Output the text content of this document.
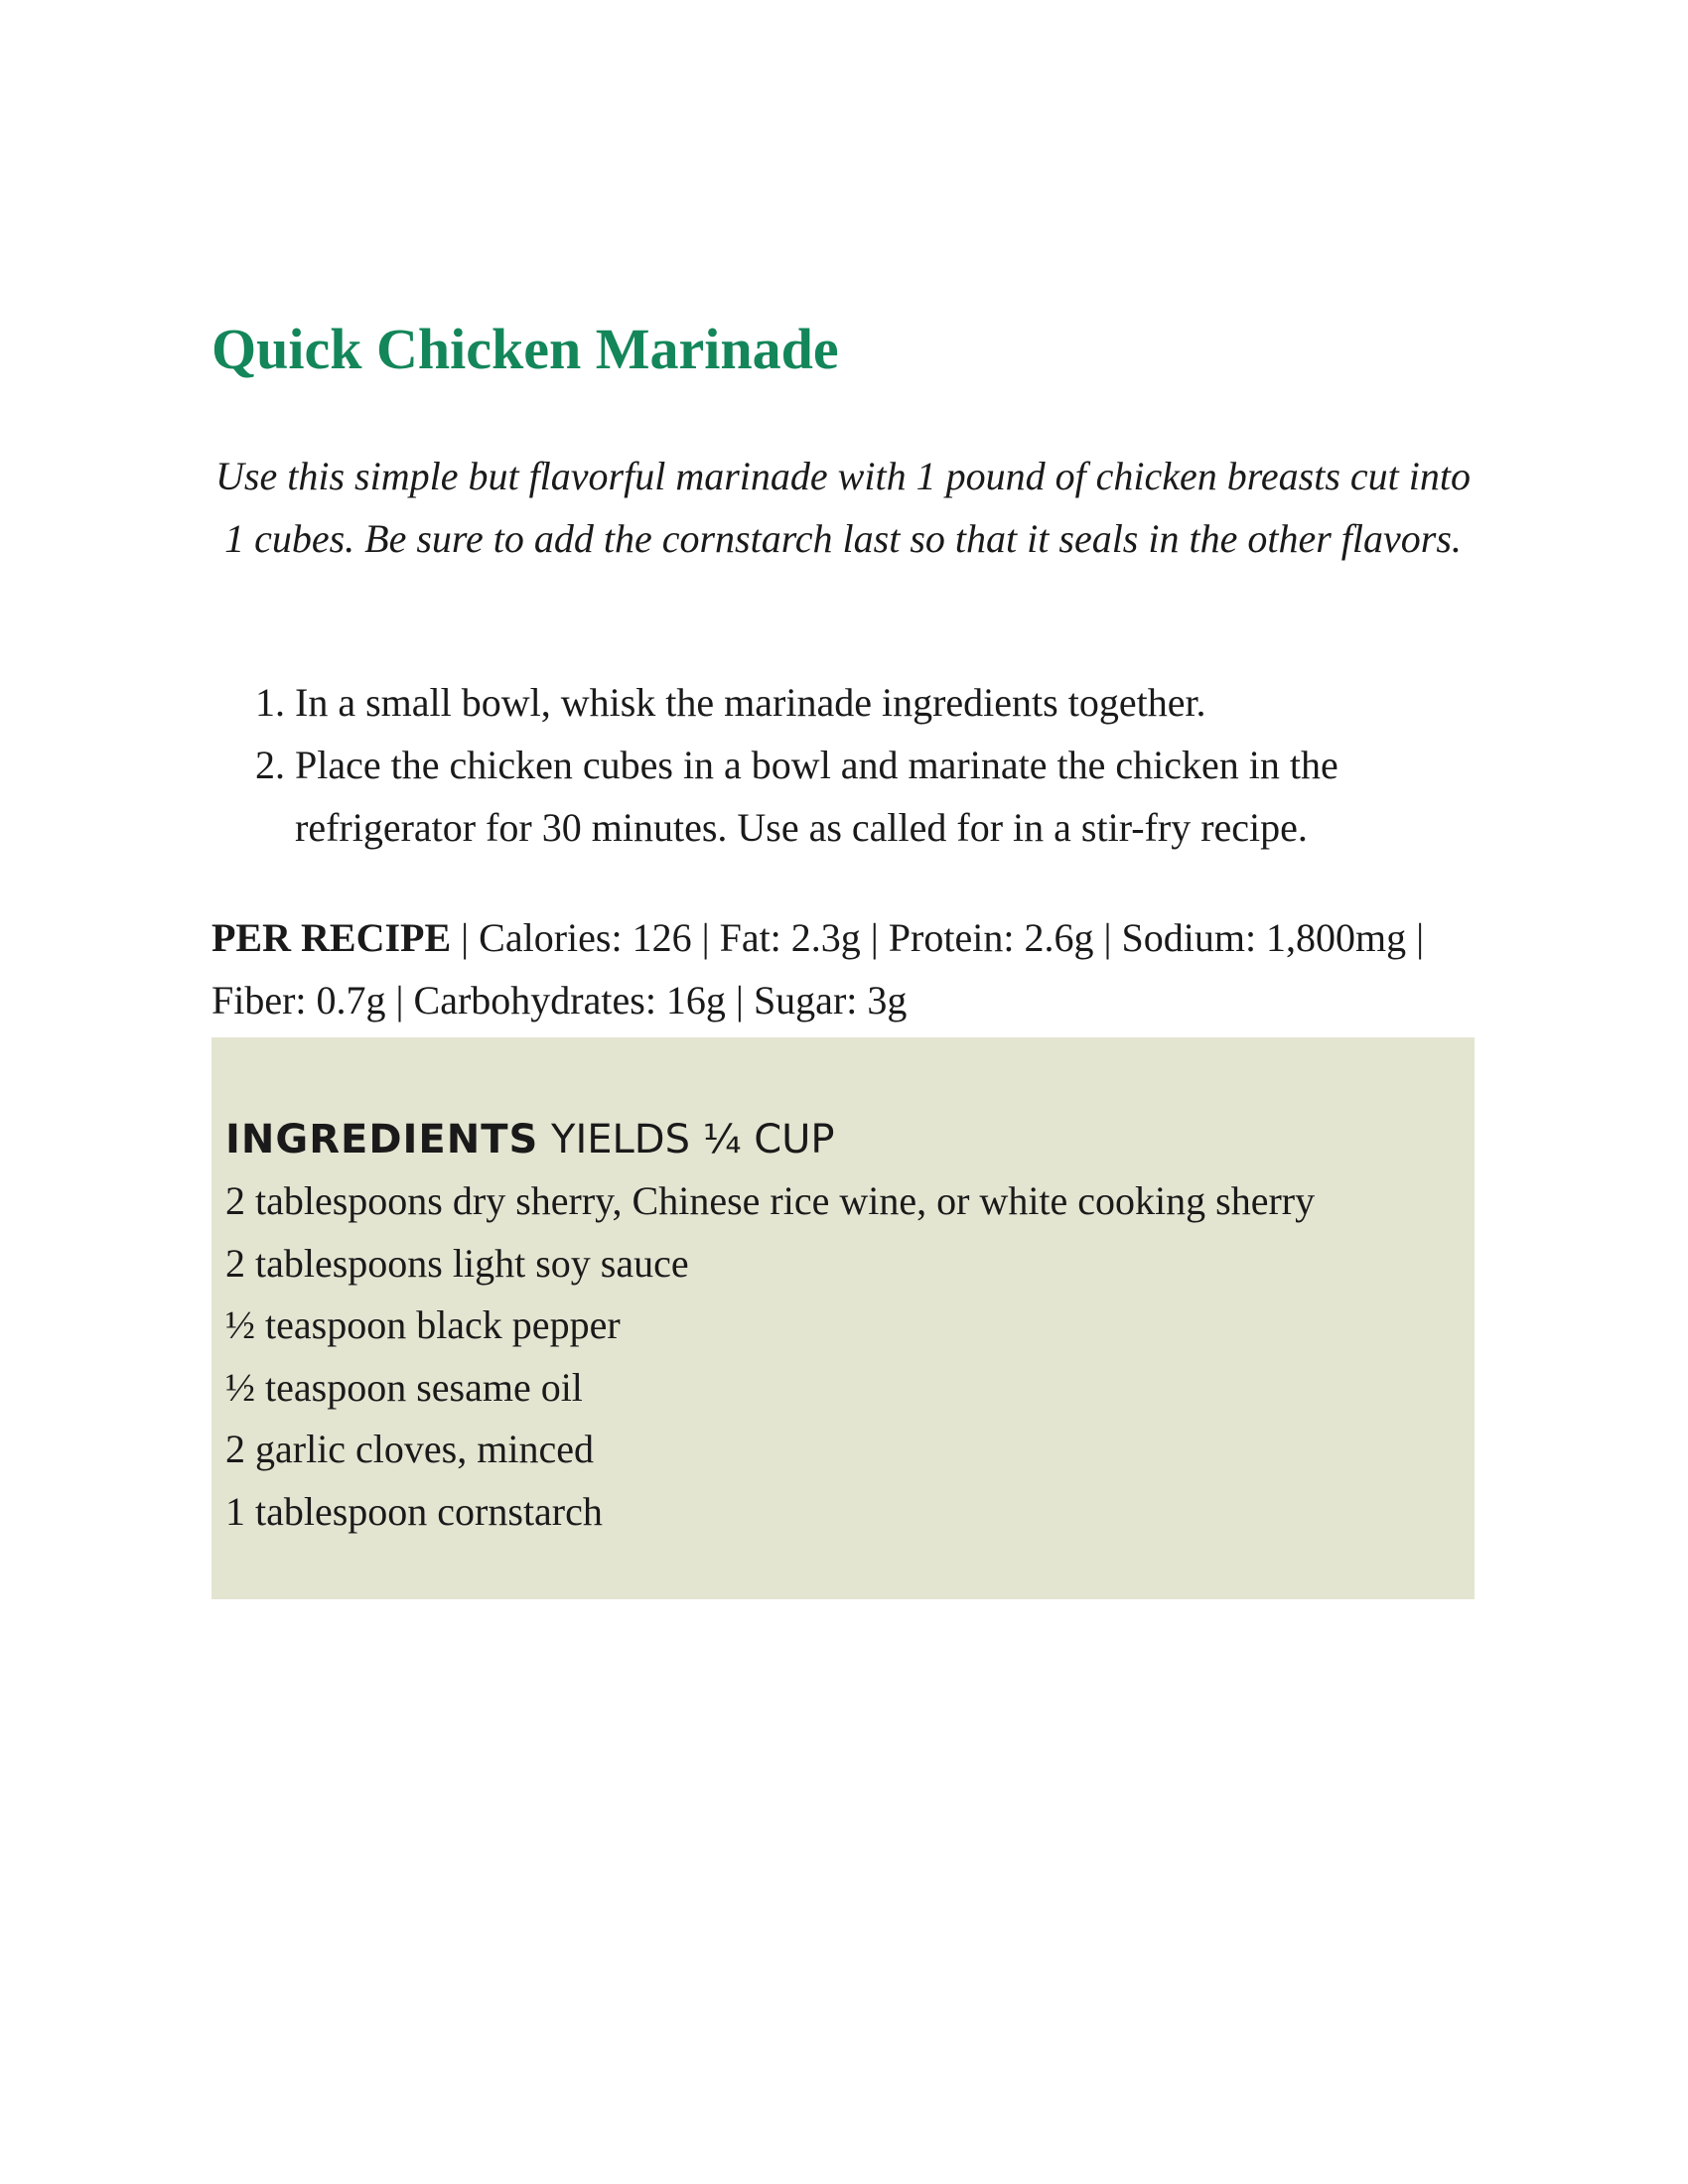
Quick Chicken Marinade

Use this simple but flavorful marinade with 1 pound of chicken breasts cut into 1 cubes. Be sure to add the cornstarch last so that it seals in the other flavors.

1. In a small bowl, whisk the marinade ingredients together.
2. Place the chicken cubes in a bowl and marinate the chicken in the refrigerator for 30 minutes. Use as called for in a stir-fry recipe.

PER RECIPE | Calories: 126 | Fat: 2.3g | Protein: 2.6g | Sodium: 1,800mg | Fiber: 0.7g | Carbohydrates: 16g | Sugar: 3g

INGREDIENTS YIELDS ¼ CUP

2 tablespoons dry sherry, Chinese rice wine, or white cooking sherry
2 tablespoons light soy sauce
½ teaspoon black pepper
½ teaspoon sesame oil
2 garlic cloves, minced
1 tablespoon cornstarch
